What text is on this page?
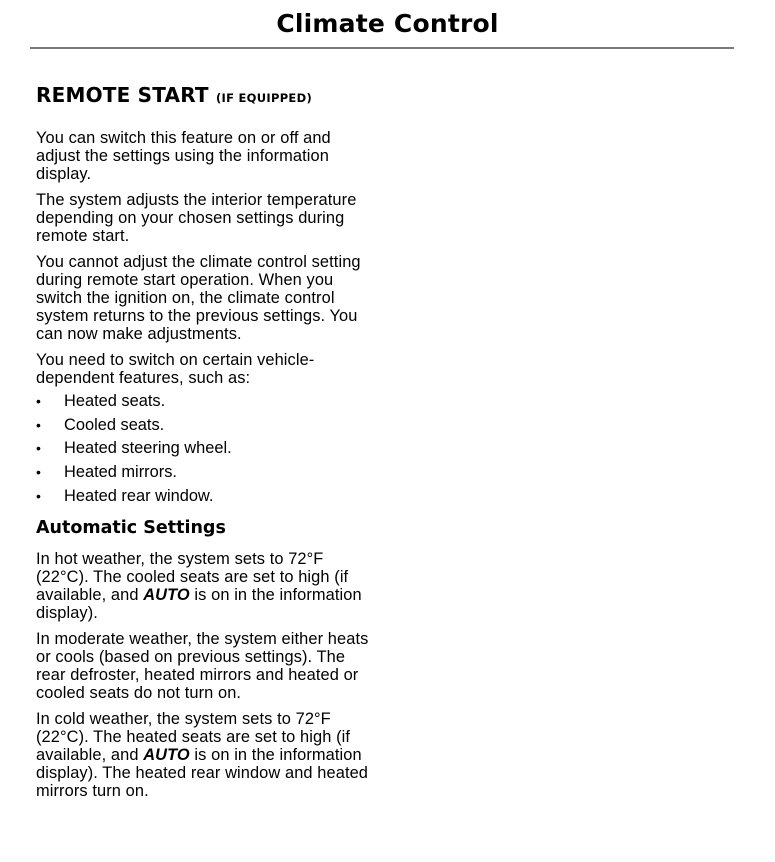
Climate Control
REMOTE START (IF EQUIPPED)

You can switch this feature on or off and adjust the settings using the information display.

The system adjusts the interior temperature depending on your chosen settings during remote start.

You cannot adjust the climate control setting during remote start operation. When you switch the ignition on, the climate control system returns to the previous settings. You can now make adjustments.

You need to switch on certain vehicle-dependent features, such as:

• Heated seats.
• Cooled seats.
• Heated steering wheel.
• Heated mirrors.
• Heated rear window.
Automatic Settings

In hot weather, the system sets to 72°F (22°C). The cooled seats are set to high (if available, and AUTO is on in the information display).

In moderate weather, the system either heats or cools (based on previous settings). The rear defroster, heated mirrors and heated or cooled seats do not turn on.

In cold weather, the system sets to 72°F (22°C). The heated seats are set to high (if available, and AUTO is on in the information display). The heated rear window and heated mirrors turn on.
